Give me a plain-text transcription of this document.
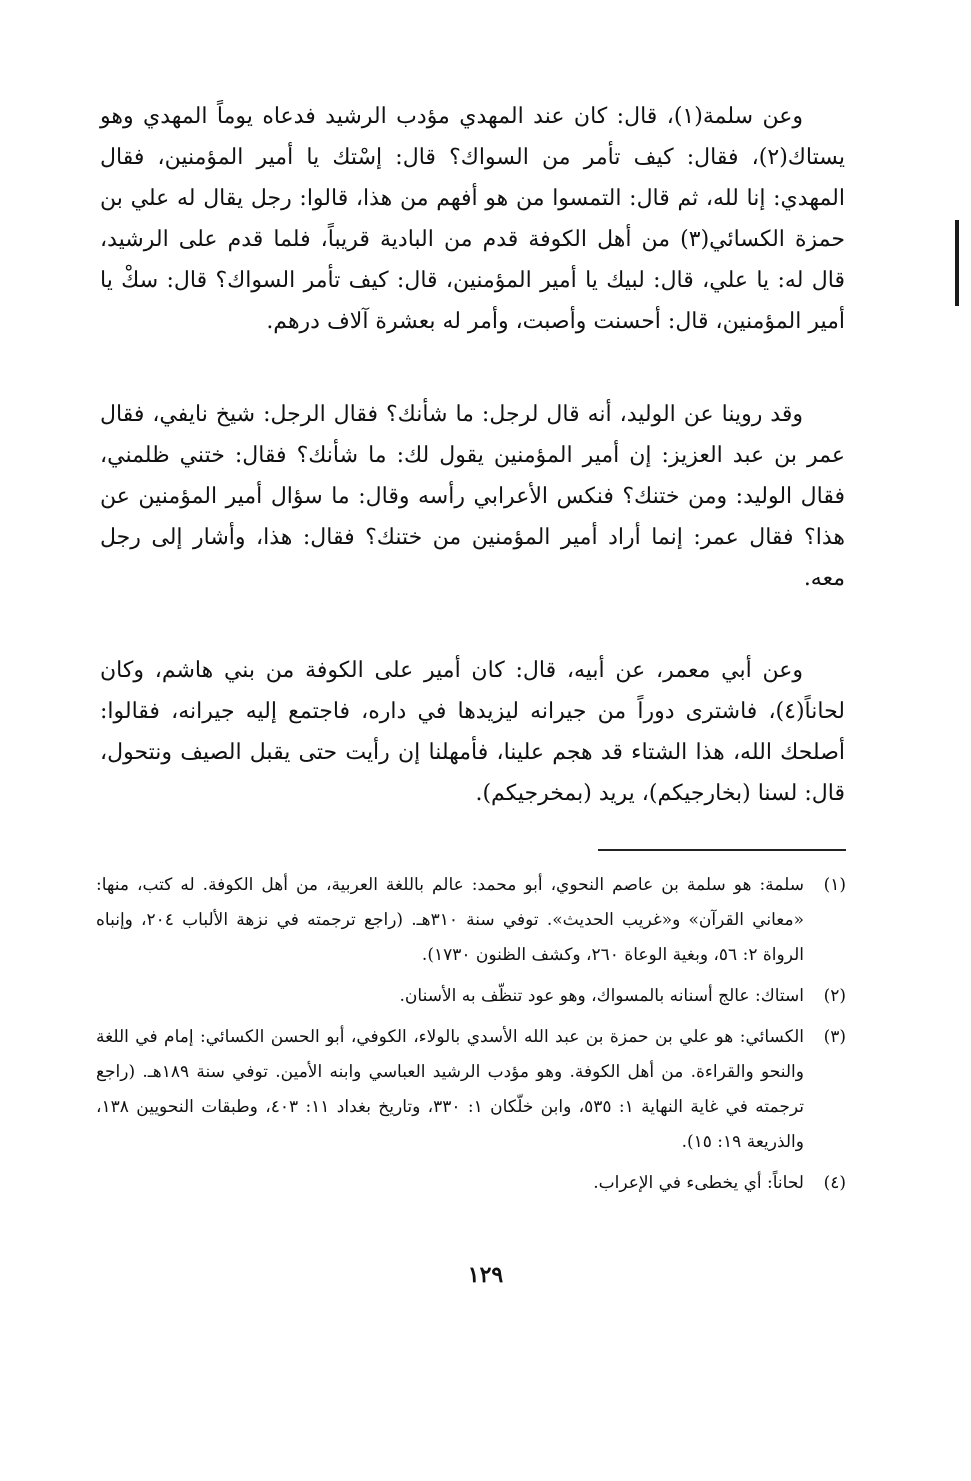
وعن سلمة(١)، قال: كان عند المهدي مؤدب الرشيد فدعاه يوماً المهدي وهو يستاك(٢)، فقال: كيف تأمر من السواك؟ قال: إسْتك يا أمير المؤمنين، فقال المهدي: إنا لله، ثم قال: التمسوا من هو أفهم من هذا، قالوا: رجل يقال له علي بن حمزة الكسائي(٣) من أهل الكوفة قدم من البادية قريباً، فلما قدم على الرشيد، قال له: يا علي، قال: لبيك يا أمير المؤمنين، قال: كيف تأمر السواك؟ قال: سكْ يا أمير المؤمنين، قال: أحسنت وأصبت، وأمر له بعشرة آلاف درهم.

وقد روينا عن الوليد، أنه قال لرجل: ما شأنك؟ فقال الرجل: شيخ نايفي، فقال عمر بن عبد العزيز: إن أمير المؤمنين يقول لك: ما شأنك؟ فقال: ختني ظلمني، فقال الوليد: ومن ختنك؟ فنكس الأعرابي رأسه وقال: ما سؤال أمير المؤمنين عن هذا؟ فقال عمر: إنما أراد أمير المؤمنين من ختنك؟ فقال: هذا، وأشار إلى رجل معه.

وعن أبي معمر، عن أبيه، قال: كان أمير على الكوفة من بني هاشم، وكان لحاناً(٤)، فاشترى دوراً من جيرانه ليزيدها في داره، فاجتمع إليه جيرانه، فقالوا: أصلحك الله، هذا الشتاء قد هجم علينا، فأمهلنا إن رأيت حتى يقبل الصيف ونتحول، قال: لسنا (بخارجيكم)، يريد (بمخرجيكم).

(١)
سلمة: هو سلمة بن عاصم النحوي، أبو محمد: عالم باللغة العربية، من أهل الكوفة. له كتب، منها: «معاني القرآن» و«غريب الحديث». توفي سنة ٣١٠هـ. (راجع ترجمته في نزهة الألباب ٢٠٤، وإنباه الرواة ٢: ٥٦، وبغية الوعاة ٢٦٠، وكشف الظنون ١٧٣٠).
(٢)
استاك: عالج أسنانه بالمسواك، وهو عود تنظّف به الأسنان.
(٣)
الكسائي: هو علي بن حمزة بن عبد الله الأسدي بالولاء، الكوفي، أبو الحسن الكسائي: إمام في اللغة والنحو والقراءة. من أهل الكوفة. وهو مؤدب الرشيد العباسي وابنه الأمين. توفي سنة ١٨٩هـ. (راجع ترجمته في غاية النهاية ١: ٥٣٥، وابن خلّكان ١: ٣٣٠، وتاريخ بغداد ١١: ٤٠٣، وطبقات النحويين ١٣٨، والذريعة ١٩: ١٥).
(٤)
لحاناً: أي يخطىء في الإعراب.
١٢٩
